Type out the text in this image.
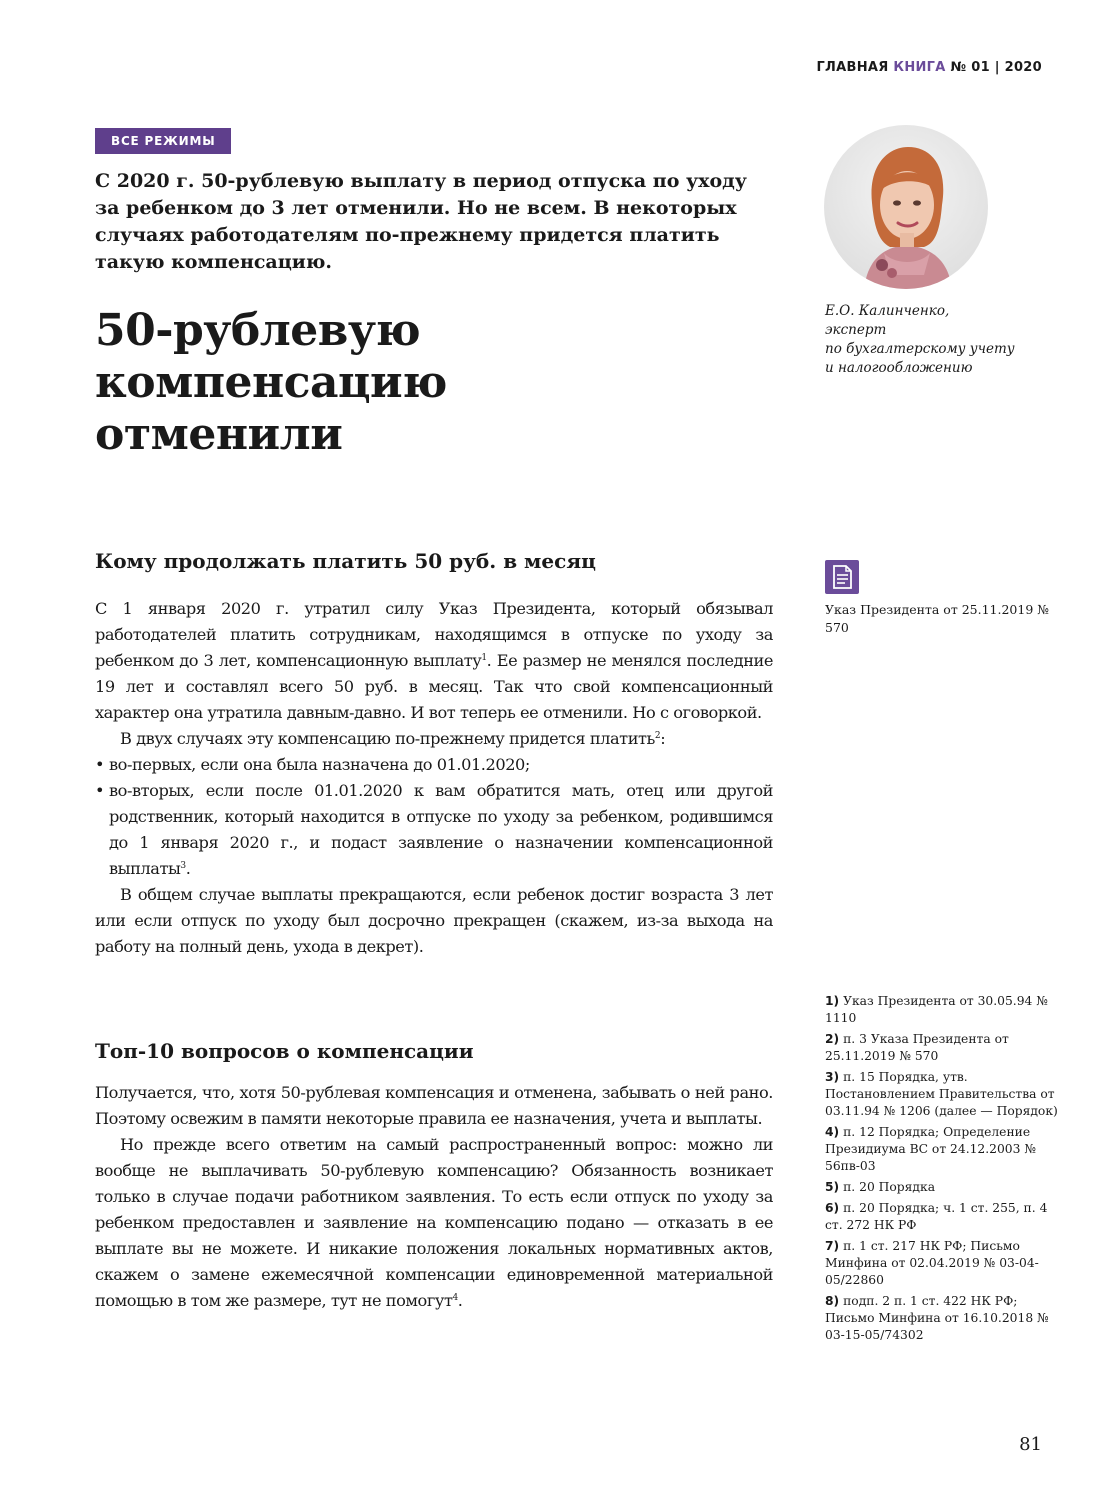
ГЛАВНАЯ КНИГА № 01 | 2020
ВСЕ РЕЖИМЫ

С 2020 г. 50-рублевую выплату в период отпуска по уходу за ребенком до 3 лет отменили. Но не всем. В некоторых случаях работодателям по-прежнему придется платить такую компенсацию.

50-рублевую
компенсацию
отменили
Е.О. Калинченко,
эксперт
по бухгалтерскому учету
и налогообложению
Кому продолжать платить 50 руб. в месяц

С 1 января 2020 г. утратил силу Указ Президента, который обязывал работодателей платить сотрудникам, находящимся в отпуске по уходу за ребенком до 3 лет, компенсационную выплату$^1$. Ее размер не менялся последние 19 лет и составлял всего 50 руб. в месяц. Так что свой компенсационный характер она утратила давным-давно. И вот теперь ее отменили. Но с оговоркой.

В двух случаях эту компенсацию по-прежнему придется платить$^2$:

• во-первых, если она была назначена до 01.01.2020;
• во-вторых, если после 01.01.2020 к вам обратится мать, отец или другой родственник, который находится в отпуске по уходу за ребенком, родившимся до 1 января 2020 г., и подаст заявление о назначении компенсационной выплаты$^3$.

В общем случае выплаты прекращаются, если ребенок достиг возраста 3 лет или если отпуск по уходу был досрочно прекращен (скажем, из-за выхода на работу на полный день, ухода в декрет).

Топ-10 вопросов о компенсации

Получается, что, хотя 50-рублевая компенсация и отменена, забывать о ней рано. Поэтому освежим в памяти некоторые правила ее назначения, учета и выплаты.

Но прежде всего ответим на самый распространенный вопрос: можно ли вообще не выплачивать 50-рублевую компенсацию? Обязанность возникает только в случае подачи работником заявления. То есть если отпуск по уходу за ребенком предоставлен и заявление на компенсацию подано — отказать в ее выплате вы не можете. И никакие положения локальных нормативных актов, скажем о замене ежемесячной компенсации единовременной материальной помощью в том же размере, тут не помогут$^4$.

Указ Президента от 25.11.2019 № 570

1) Указ Президента от 30.05.94 № 1110
2) п. 3 Указа Президента от 25.11.2019 № 570
3) п. 15 Порядка, утв. Постановлением Правительства от 03.11.94 № 1206 (далее — Порядок)
4) п. 12 Порядка; Определение Президиума ВС от 24.12.2003 № 56пв-03
5) п. 20 Порядка
6) п. 20 Порядка; ч. 1 ст. 255, п. 4 ст. 272 НК РФ
7) п. 1 ст. 217 НК РФ; Письмо Минфина от 02.04.2019 № 03-04-05/22860
8) подп. 2 п. 1 ст. 422 НК РФ; Письмо Минфина от 16.10.2018 № 03-15-05/74302
81
